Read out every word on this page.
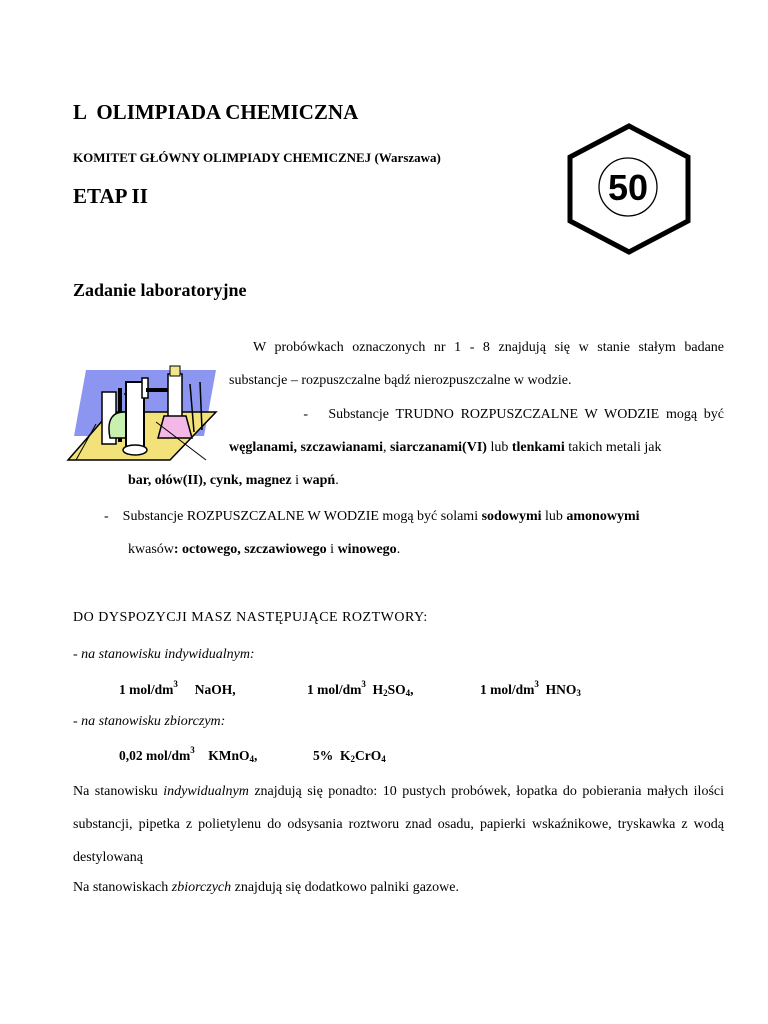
L  OLIMPIADA CHEMICZNA
KOMITET GŁÓWNY OLIMPIADY CHEMICZNEJ (Warszawa)
ETAP II	50
Zadanie laboratoryjne
W probówkach oznaczonych nr 1 - 8 znajdują się w stanie stałym badane substancje – rozpuszczalne bądź nierozpuszczalne w wodzie.
- Substancje TRUDNO ROZPUSZCZALNE W WODZIE mogą być węglanami, szczawianami, siarczanami(VI) lub tlenkami takich metali jak
bar, ołów(II), cynk, magnez i wapń.
- Substancje ROZPUSZCZALNE W WODZIE mogą być solami sodowymi lub amonowymi
kwasów: octowego, szczawiowego i winowego.
DO DYSPOZYCJI MASZ NASTĘPUJĄCE ROZTWORY:
- na stanowisku indywidualnym:
1 mol/$dm^3$ NaOH,	1 mol/$dm^3$ H2SO4,	1 mol/$dm^3$ HNO3
- na stanowisku zbiorczym:
0,02 mol/$dm^3$ KMnO4,	5% K2CrO4
Na stanowisku indywidualnym znajdują się ponadto: 10 pustych probówek, łopatka do pobierania małych ilości substancji, pipetka z polietylenu do odsysania roztworu znad osadu, papierki wskaźnikowe, tryskawka z wodą destylowaną
Na stanowiskach zbiorczych znajdują się dodatkowo palniki gazowe.
